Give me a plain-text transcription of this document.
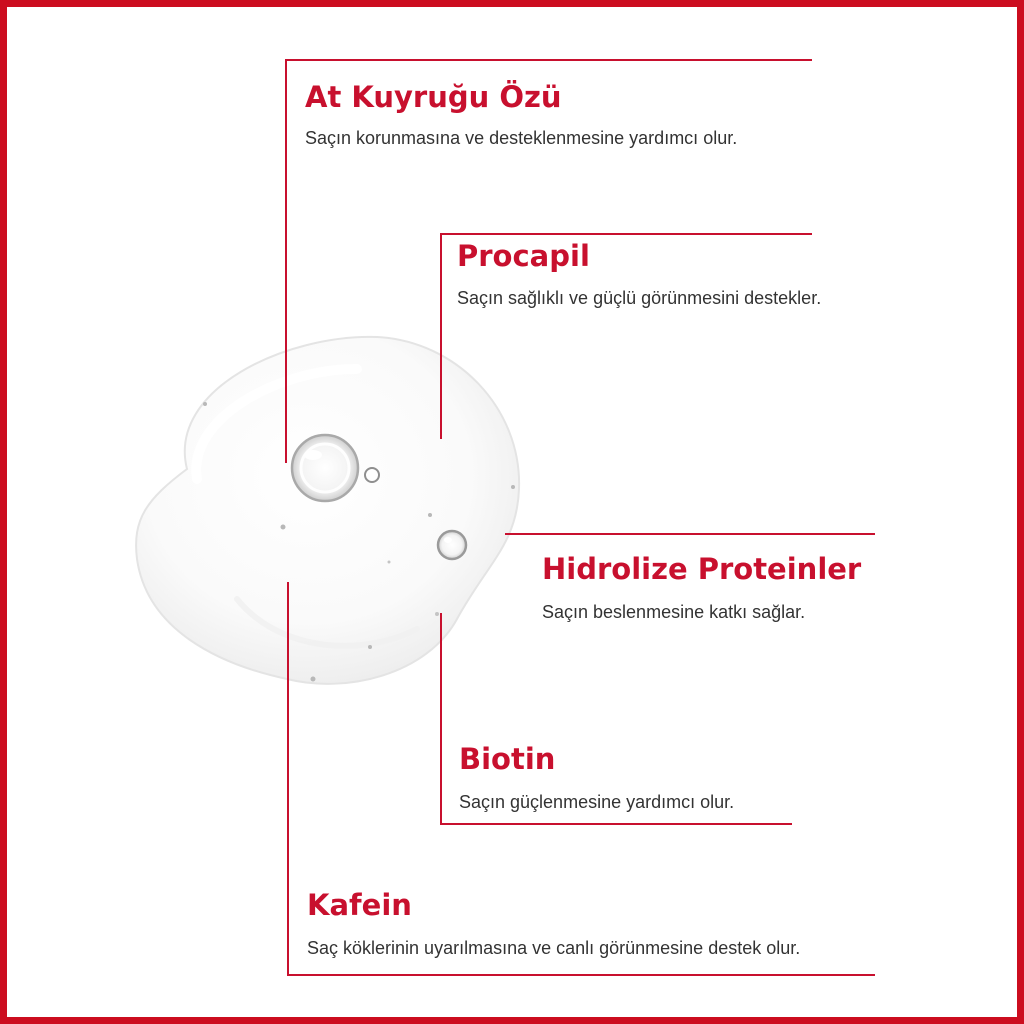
At Kuyruğu Özü

Saçın korunmasına ve desteklenmesine yardımcı olur.

Procapil

Saçın sağlıklı ve güçlü görünmesini destekler.

Hidrolize Proteinler

Saçın beslenmesine katkı sağlar.

Biotin

Saçın güçlenmesine yardımcı olur.

Kafein

Saç köklerinin uyarılmasına ve canlı görünmesine destek olur.
